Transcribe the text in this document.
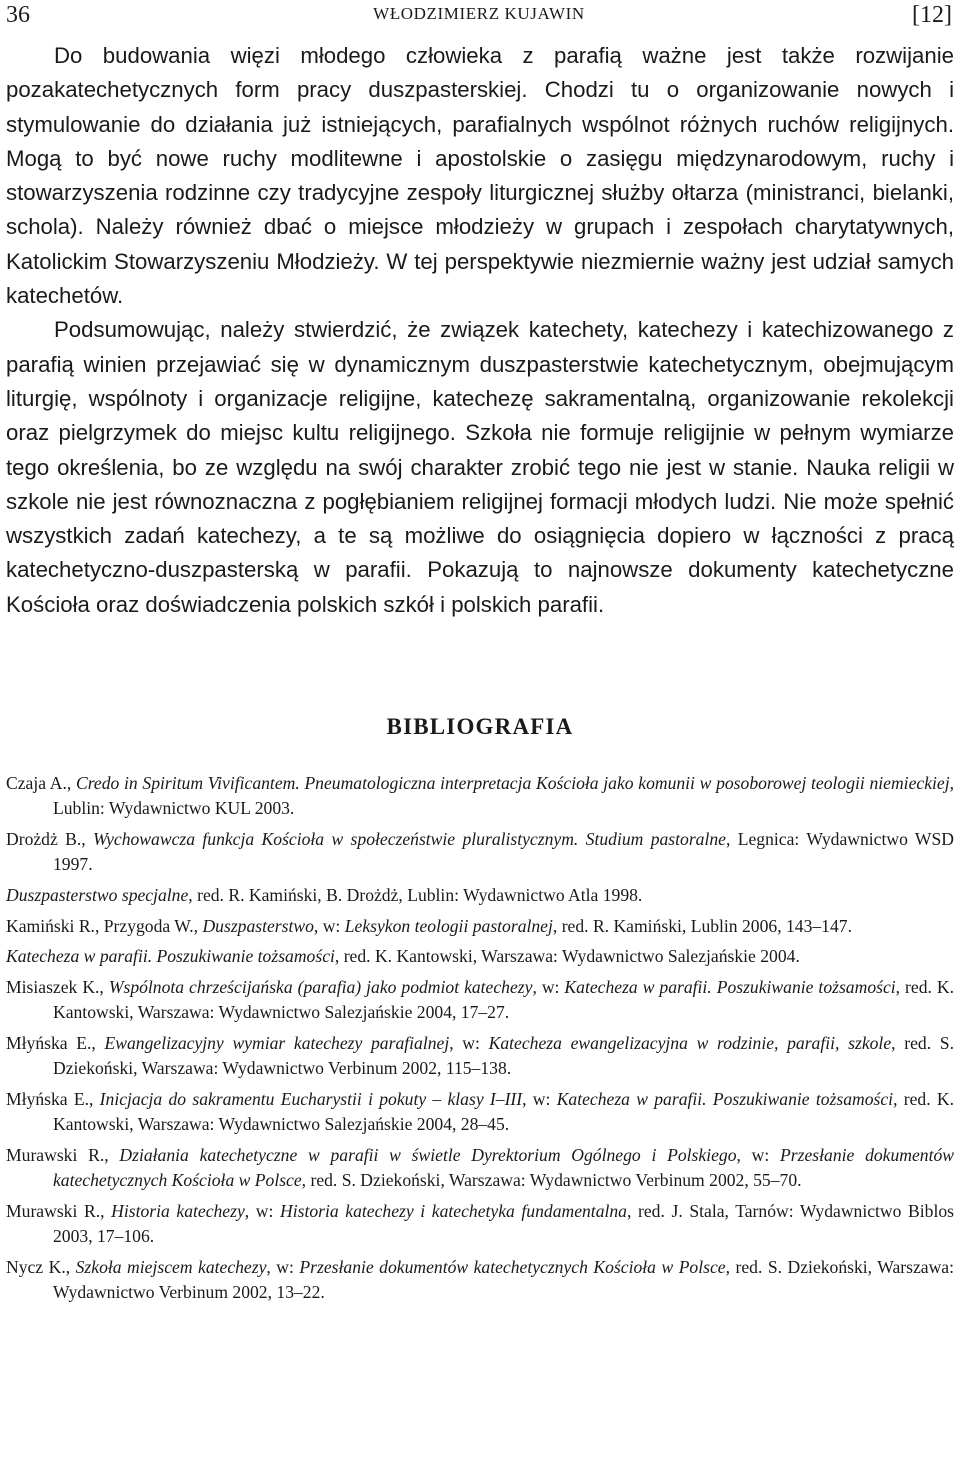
36	WŁODZIMIERZ KUJAWIN	[12]

Do budowania więzi młodego człowieka z parafią ważne jest także rozwijanie pozakatechetycznych form pracy duszpasterskiej. Chodzi tu o organizowanie nowych i stymulowanie do działania już istniejących, parafialnych wspólnot różnych ruchów religijnych. Mogą to być nowe ruchy modlitewne i apostolskie o zasięgu międzynarodowym, ruchy i stowarzyszenia rodzinne czy tradycyjne zespoły liturgicznej służby ołtarza (ministranci, bielanki, schola). Należy również dbać o miejsce młodzieży w grupach i zespołach charytatywnych, Katolickim Stowarzyszeniu Młodzieży. W tej perspektywie niezmiernie ważny jest udział samych katechetów.

Podsumowując, należy stwierdzić, że związek katechety, katechezy i katechizowanego z parafią winien przejawiać się w dynamicznym duszpasterstwie katechetycznym, obejmującym liturgię, wspólnoty i organizacje religijne, katechezę sakramentalną, organizowanie rekolekcji oraz pielgrzymek do miejsc kultu religijnego. Szkoła nie formuje religijnie w pełnym wymiarze tego określenia, bo ze względu na swój charakter zrobić tego nie jest w stanie. Nauka religii w szkole nie jest równoznaczna z pogłębianiem religijnej formacji młodych ludzi. Nie może spełnić wszystkich zadań katechezy, a te są możliwe do osiągnięcia dopiero w łączności z pracą katechetyczno-duszpasterską w parafii. Pokazują to najnowsze dokumenty katechetyczne Kościoła oraz doświadczenia polskich szkół i polskich parafii.

BIBLIOGRAFIA

Czaja A., Credo in Spiritum Vivificantem. Pneumatologiczna interpretacja Kościoła jako komunii w posoborowej teologii niemieckiej, Lublin: Wydawnictwo KUL 2003.

Drożdż B., Wychowawcza funkcja Kościoła w społeczeństwie pluralistycznym. Studium pastoralne, Legnica: Wydawnictwo WSD 1997.

Duszpasterstwo specjalne, red. R. Kamiński, B. Drożdż, Lublin: Wydawnictwo Atla 1998.

Kamiński R., Przygoda W., Duszpasterstwo, w: Leksykon teologii pastoralnej, red. R. Kamiński, Lublin 2006, 143–147.

Katecheza w parafii. Poszukiwanie tożsamości, red. K. Kantowski, Warszawa: Wydawnictwo Salezjańskie 2004.

Misiaszek K., Wspólnota chrześcijańska (parafia) jako podmiot katechezy, w: Katecheza w parafii. Poszukiwanie tożsamości, red. K. Kantowski, Warszawa: Wydawnictwo Salezjańskie 2004, 17–27.

Młyńska E., Ewangelizacyjny wymiar katechezy parafialnej, w: Katecheza ewangelizacyjna w rodzinie, parafii, szkole, red. S. Dziekoński, Warszawa: Wydawnictwo Verbinum 2002, 115–138.

Młyńska E., Inicjacja do sakramentu Eucharystii i pokuty – klasy I–III, w: Katecheza w parafii. Poszukiwanie tożsamości, red. K. Kantowski, Warszawa: Wydawnictwo Salezjańskie 2004, 28–45.

Murawski R., Działania katechetyczne w parafii w świetle Dyrektorium Ogólnego i Polskiego, w: Przesłanie dokumentów katechetycznych Kościoła w Polsce, red. S. Dziekoński, Warszawa: Wydawnictwo Verbinum 2002, 55–70.

Murawski R., Historia katechezy, w: Historia katechezy i katechetyka fundamentalna, red. J. Stala, Tarnów: Wydawnictwo Biblos 2003, 17–106.

Nycz K., Szkoła miejscem katechezy, w: Przesłanie dokumentów katechetycznych Kościoła w Polsce, red. S. Dziekoński, Warszawa: Wydawnictwo Verbinum 2002, 13–22.
